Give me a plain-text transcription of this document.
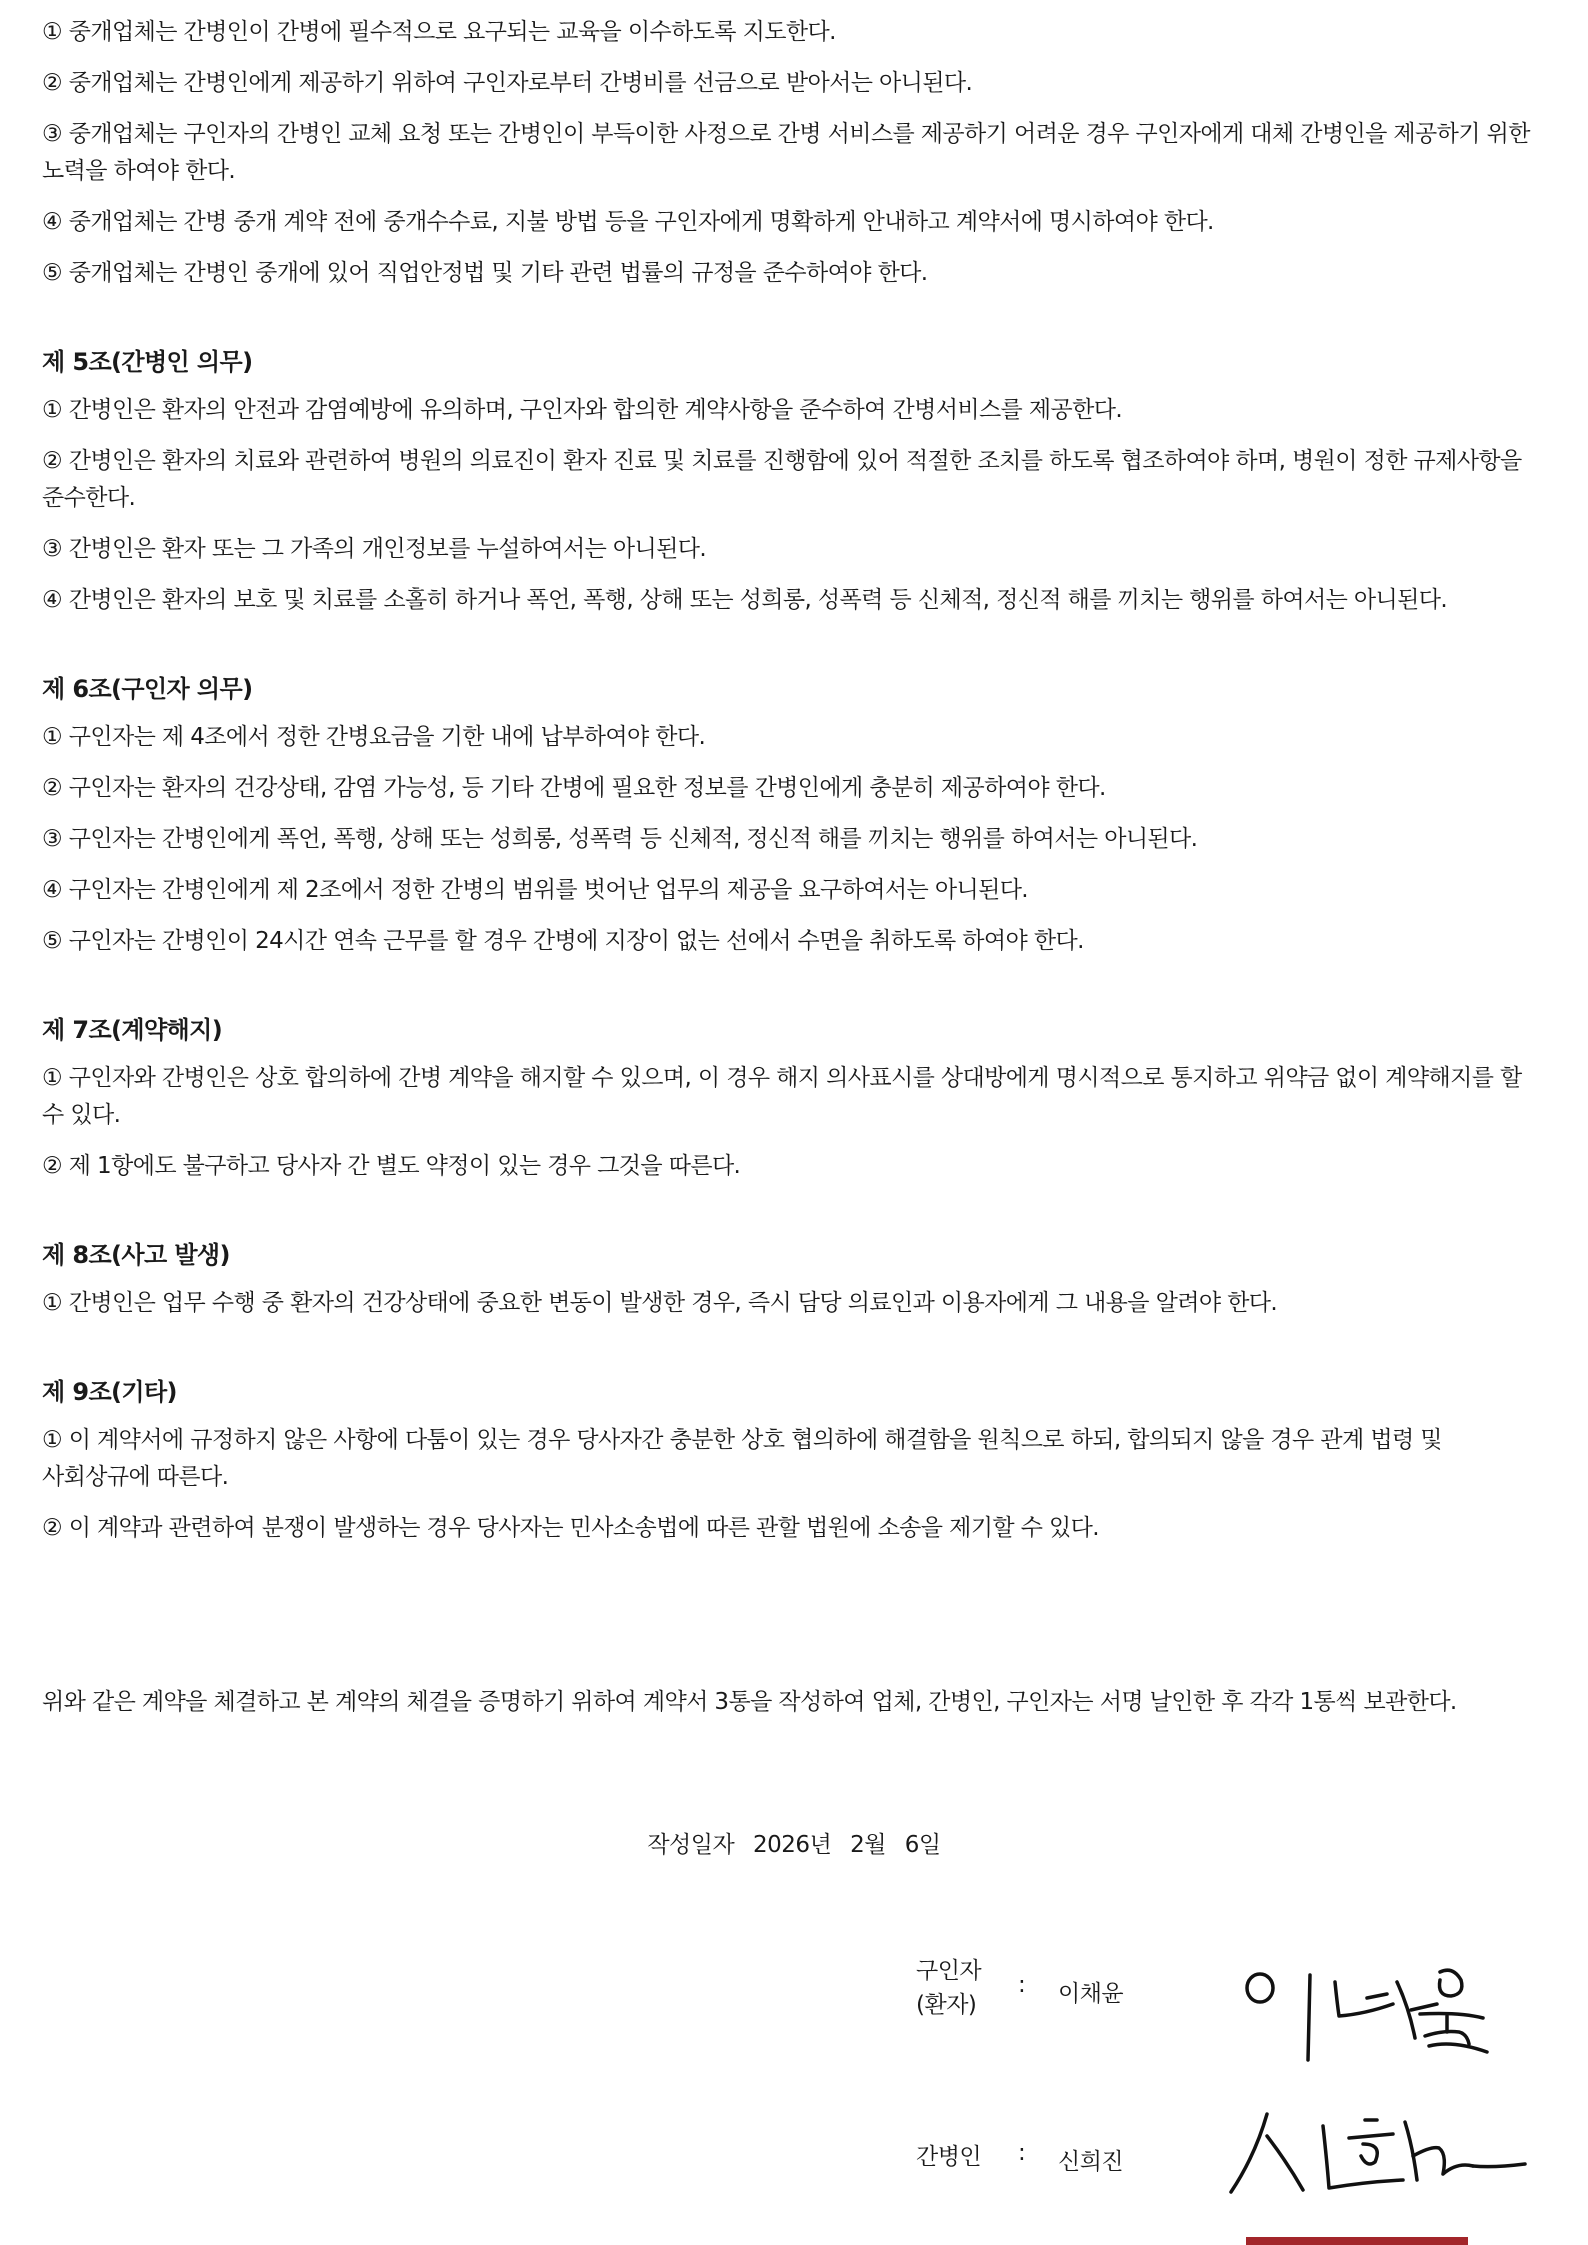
① 중개업체는 간병인이 간병에 필수적으로 요구되는 교육을 이수하도록 지도한다.

② 중개업체는 간병인에게 제공하기 위하여 구인자로부터 간병비를 선금으로 받아서는 아니된다.

③ 중개업체는 구인자의 간병인 교체 요청 또는 간병인이 부득이한 사정으로 간병 서비스를 제공하기 어려운 경우 구인자에게 대체 간병인을 제공하기 위한 노력을 하여야 한다.

④ 중개업체는 간병 중개 계약 전에 중개수수료, 지불 방법 등을 구인자에게 명확하게 안내하고 계약서에 명시하여야 한다.

⑤ 중개업체는 간병인 중개에 있어 직업안정법 및 기타 관련 법률의 규정을 준수하여야 한다.

제 5조(간병인 의무)

① 간병인은 환자의 안전과 감염예방에 유의하며, 구인자와 합의한 계약사항을 준수하여 간병서비스를 제공한다.

② 간병인은 환자의 치료와 관련하여 병원의 의료진이 환자 진료 및 치료를 진행함에 있어 적절한 조치를 하도록 협조하여야 하며, 병원이 정한 규제사항을 준수한다.

③ 간병인은 환자 또는 그 가족의 개인정보를 누설하여서는 아니된다.

④ 간병인은 환자의 보호 및 치료를 소홀히 하거나 폭언, 폭행, 상해 또는 성희롱, 성폭력 등 신체적, 정신적 해를 끼치는 행위를 하여서는 아니된다.

제 6조(구인자 의무)

① 구인자는 제 4조에서 정한 간병요금을 기한 내에 납부하여야 한다.

② 구인자는 환자의 건강상태, 감염 가능성, 등 기타 간병에 필요한 정보를 간병인에게 충분히 제공하여야 한다.

③ 구인자는 간병인에게 폭언, 폭행, 상해 또는 성희롱, 성폭력 등 신체적, 정신적 해를 끼치는 행위를 하여서는 아니된다.

④ 구인자는 간병인에게 제 2조에서 정한 간병의 범위를 벗어난 업무의 제공을 요구하여서는 아니된다.

⑤ 구인자는 간병인이 24시간 연속 근무를 할 경우 간병에 지장이 없는 선에서 수면을 취하도록 하여야 한다.

제 7조(계약해지)

① 구인자와 간병인은 상호 합의하에 간병 계약을 해지할 수 있으며, 이 경우 해지 의사표시를 상대방에게 명시적으로 통지하고 위약금 없이 계약해지를 할 수 있다.

② 제 1항에도 불구하고 당사자 간 별도 약정이 있는 경우 그것을 따른다.

제 8조(사고 발생)

① 간병인은 업무 수행 중 환자의 건강상태에 중요한 변동이 발생한 경우, 즉시 담당 의료인과 이용자에게 그 내용을 알려야 한다.

제 9조(기타)

① 이 계약서에 규정하지 않은 사항에 다툼이 있는 경우 당사자간 충분한 상호 협의하에 해결함을 원칙으로 하되, 합의되지 않을 경우 관계 법령 및 사회상규에 따른다.

② 이 계약과 관련하여 분쟁이 발생하는 경우 당사자는 민사소송법에 따른 관할 법원에 소송을 제기할 수 있다.

위와 같은 계약을 체결하고 본 계약의 체결을 증명하기 위하여 계약서 3통을 작성하여 업체, 간병인, 구인자는 서명 날인한 후 각각 1통씩 보관한다.
작성일자 2026년 2월 6일
구인자
(환자)
: 이채윤
간병인 : 신희진
